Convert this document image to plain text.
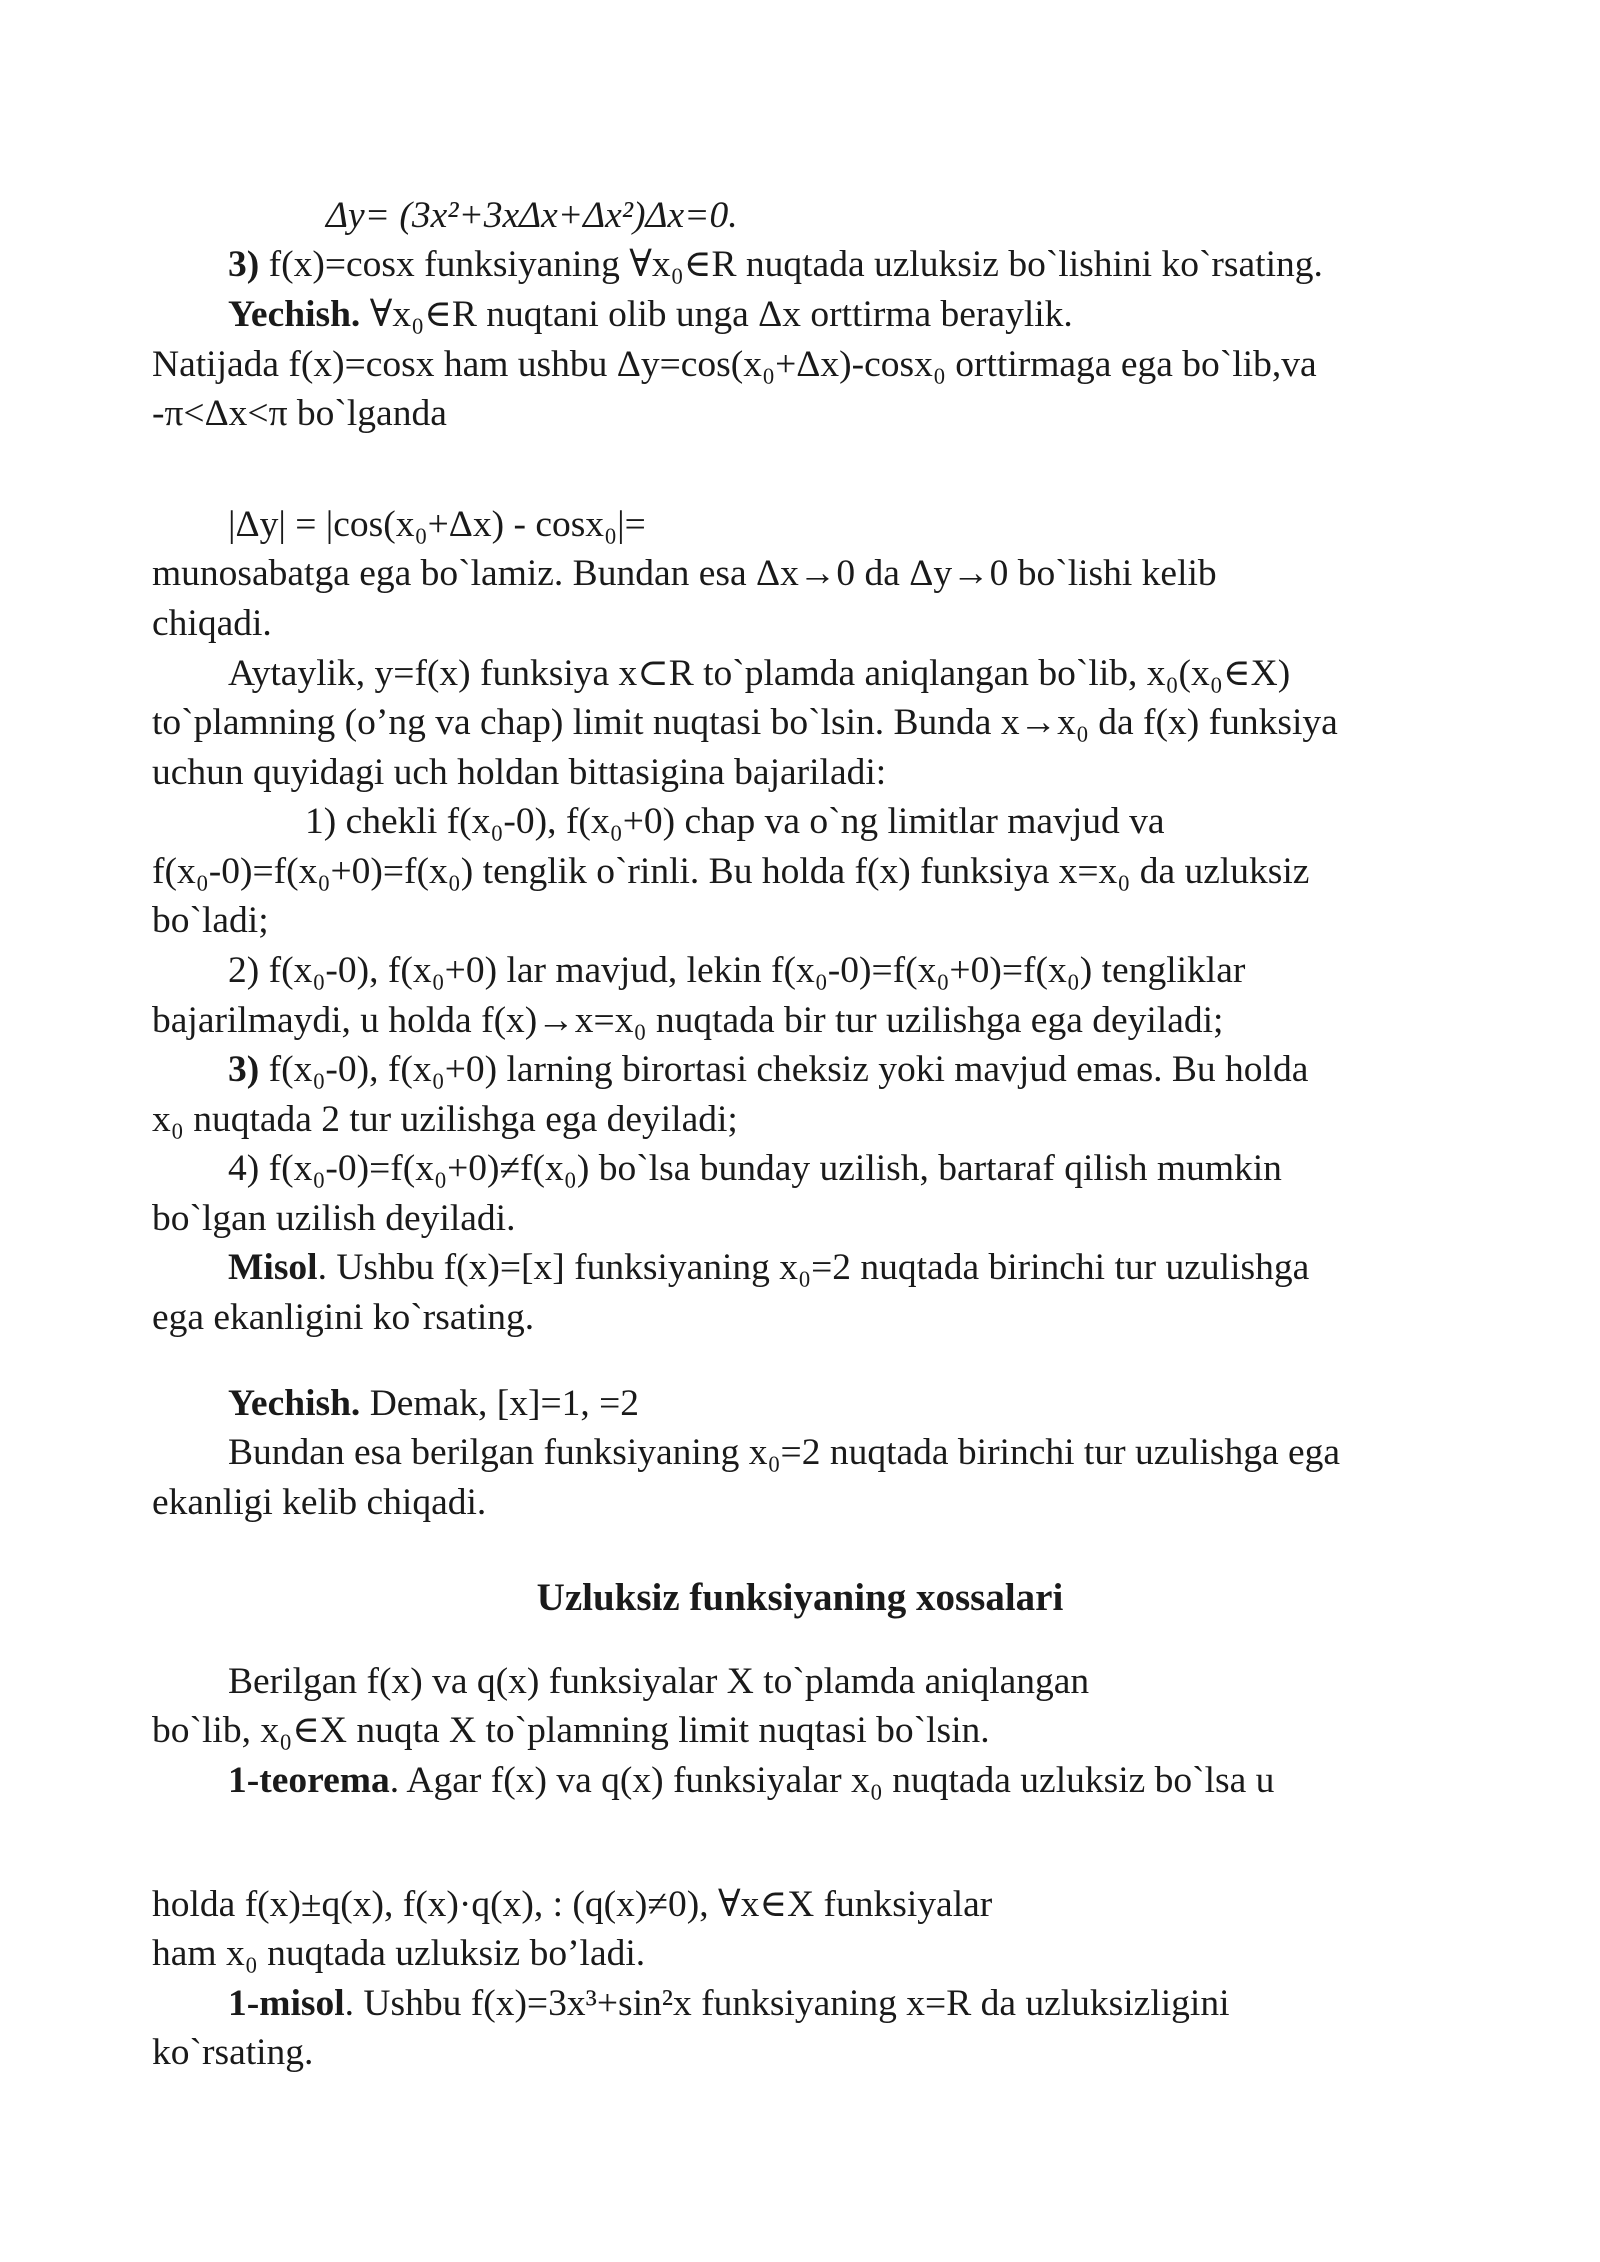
Δy= (3x²+3xΔx+Δx²)Δx=0.
3) f(x)=cosx funksiyaning ∀x₀∈R nuqtada uzluksiz bo`lishini ko`rsating.
Yechish. ∀x₀∈R nuqtani olib unga Δx orttirma beraylik.
Natijada f(x)=cosx ham ushbu Δy=cos(x₀+Δx)-cosx₀ orttirmaga ega bo`lib,va
-π<Δx<π bo`lganda
|Δy| = |cos(x₀+Δx) - cosx₀|=
munosabatga ega bo`lamiz. Bundan esa Δx→0 da Δy→0 bo`lishi kelib
chiqadi.
Aytaylik, y=f(x) funksiya x⊂R to`plamda aniqlangan bo`lib, x₀(x₀∈X)
to`plamning (o’ng va chap) limit nuqtasi bo`lsin. Bunda x→x₀ da f(x) funksiya
uchun quyidagi uch holdan bittasigina bajariladi:
1) chekli f(x₀-0), f(x₀+0) chap va o`ng limitlar mavjud va
f(x₀-0)=f(x₀+0)=f(x₀) tenglik o`rinli. Bu holda f(x) funksiya x=x₀ da uzluksiz
bo`ladi;
2) f(x₀-0), f(x₀+0) lar mavjud, lekin f(x₀-0)=f(x₀+0)=f(x₀) tengliklar
bajarilmaydi, u holda f(x)→x=x₀ nuqtada bir tur uzilishga ega deyiladi;
3) f(x₀-0), f(x₀+0) larning birortasi cheksiz yoki mavjud emas. Bu holda
x₀ nuqtada 2 tur uzilishga ega deyiladi;
4) f(x₀-0)=f(x₀+0)≠f(x₀) bo`lsa bunday uzilish, bartaraf qilish mumkin
bo`lgan uzilish deyiladi.
Misol. Ushbu f(x)=[x] funksiyaning x₀=2 nuqtada birinchi tur uzulishga
ega ekanligini ko`rsating.
Yechish. Demak, [x]=1, =2
Bundan esa berilgan funksiyaning x₀=2 nuqtada birinchi tur uzulishga ega
ekanligi kelib chiqadi.
Uzluksiz funksiyaning xossalari
Berilgan f(x) va q(x) funksiyalar X to`plamda aniqlangan
bo`lib, x₀∈X nuqta X to`plamning limit nuqtasi bo`lsin.
1-teorema. Agar f(x) va q(x) funksiyalar x₀ nuqtada uzluksiz bo`lsa u
holda f(x)±q(x), f(x)·q(x), : (q(x)≠0), ∀x∈X funksiyalar
ham x₀ nuqtada uzluksiz bo’ladi.
1-misol. Ushbu f(x)=3x³+sin²x funksiyaning x=R da uzluksizligini
ko`rsating.
